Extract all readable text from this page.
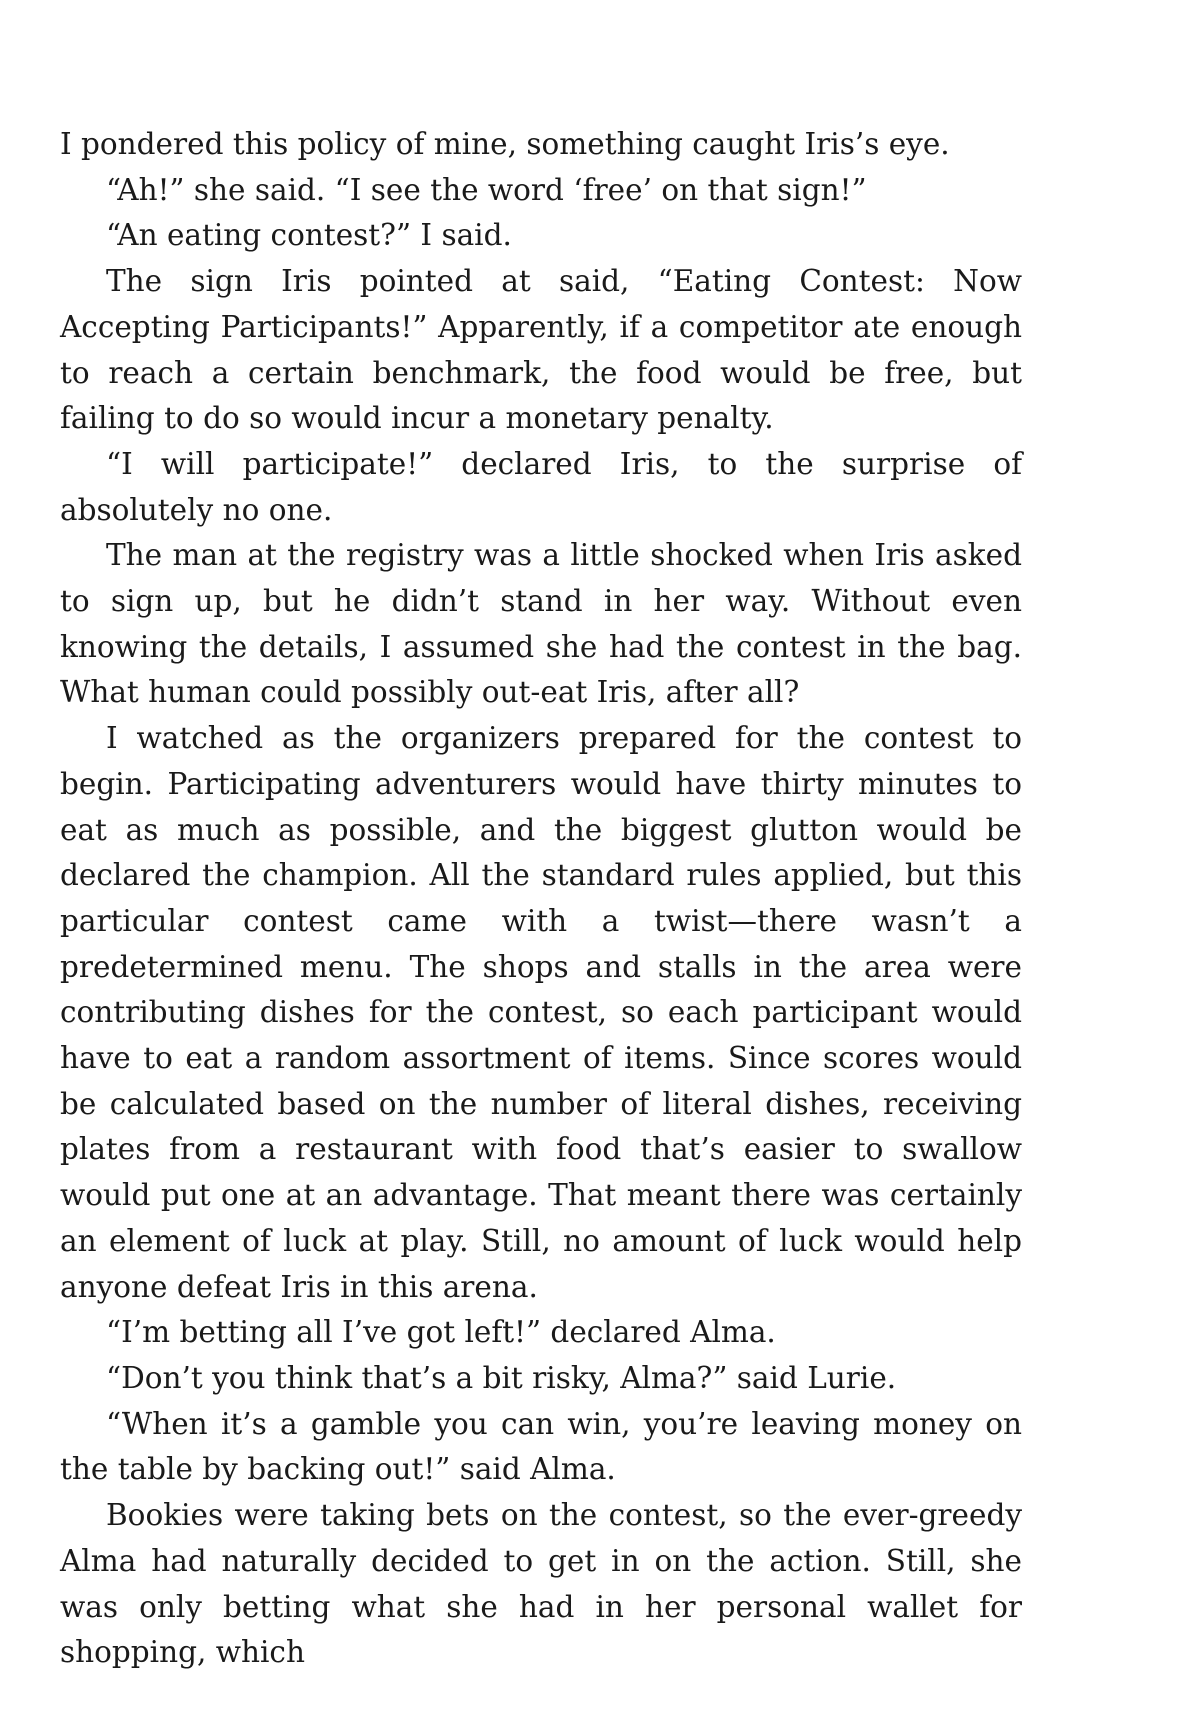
I pondered this policy of mine, something caught Iris’s eye.

“Ah!” she said. “I see the word ‘free’ on that sign!”

“An eating contest?” I said.

The sign Iris pointed at said, “Eating Contest: Now Accepting Participants!” Apparently, if a competitor ate enough to reach a certain benchmark, the food would be free, but failing to do so would incur a monetary penalty.

“I will participate!” declared Iris, to the surprise of absolutely no one.

The man at the registry was a little shocked when Iris asked to sign up, but he didn’t stand in her way. Without even knowing the details, I assumed she had the contest in the bag. What human could possibly out-eat Iris, after all?

I watched as the organizers prepared for the contest to begin. Participating adventurers would have thirty minutes to eat as much as possible, and the biggest glutton would be declared the champion. All the standard rules applied, but this particular contest came with a twist—there wasn’t a predetermined menu. The shops and stalls in the area were contributing dishes for the contest, so each participant would have to eat a random assortment of items. Since scores would be calculated based on the number of literal dishes, receiving plates from a restaurant with food that’s easier to swallow would put one at an advantage. That meant there was certainly an element of luck at play. Still, no amount of luck would help anyone defeat Iris in this arena.

“I’m betting all I’ve got left!” declared Alma.

“Don’t you think that’s a bit risky, Alma?” said Lurie.

“When it’s a gamble you can win, you’re leaving money on the table by backing out!” said Alma.

Bookies were taking bets on the contest, so the ever-greedy Alma had naturally decided to get in on the action. Still, she was only betting what she had in her personal wallet for shopping, which
